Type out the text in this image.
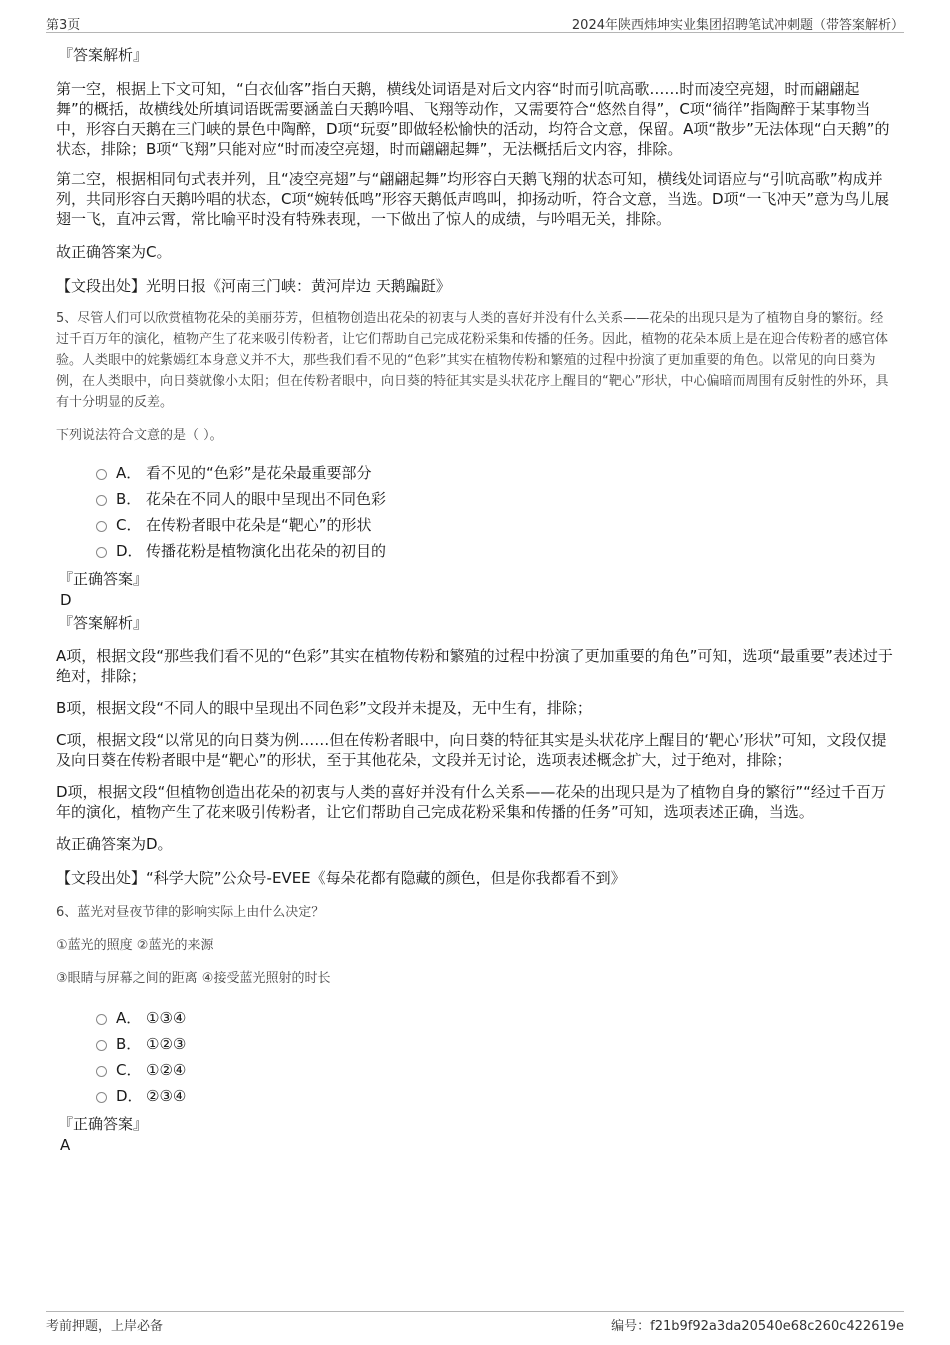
第3页	2024年陕西炜坤实业集团招聘笔试冲刺题（带答案解析）
『答案解析』

第一空，根据上下文可知，“白衣仙客”指白天鹅，横线处词语是对后文内容“时而引吭高歌……时而凌空亮翅，时而翩翩起舞”的概括，故横线处所填词语既需要涵盖白天鹅吟唱、飞翔等动作，又需要符合“悠然自得”，C项“徜徉”指陶醉于某事物当中，形容白天鹅在三门峡的景色中陶醉，D项“玩耍”即做轻松愉快的活动，均符合文意，保留。A项“散步”无法体现“白天鹅”的状态，排除；B项“飞翔”只能对应“时而凌空亮翅，时而翩翩起舞”，无法概括后文内容，排除。

第二空，根据相同句式表并列，且“凌空亮翅”与“翩翩起舞”均形容白天鹅飞翔的状态可知，横线处词语应与“引吭高歌”构成并列，共同形容白天鹅吟唱的状态，C项“婉转低鸣”形容天鹅低声鸣叫，抑扬动听，符合文意，当选。D项“一飞冲天”意为鸟儿展翅一飞，直冲云霄，常比喻平时没有特殊表现，一下做出了惊人的成绩，与吟唱无关，排除。

故正确答案为C。

【文段出处】光明日报《河南三门峡：黄河岸边 天鹅蹁跹》

5、尽管人们可以欣赏植物花朵的美丽芬芳，但植物创造出花朵的初衷与人类的喜好并没有什么关系——花朵的出现只是为了植物自身的繁衍。经过千百万年的演化，植物产生了花来吸引传粉者，让它们帮助自己完成花粉采集和传播的任务。因此，植物的花朵本质上是在迎合传粉者的感官体验。人类眼中的姹紫嫣红本身意义并不大，那些我们看不见的“色彩”其实在植物传粉和繁殖的过程中扮演了更加重要的角色。以常见的向日葵为例，在人类眼中，向日葵就像小太阳；但在传粉者眼中，向日葵的特征其实是头状花序上醒目的“靶心”形状，中心偏暗而周围有反射性的外环，具有十分明显的反差。

下列说法符合文意的是（ ）。

A． 看不见的“色彩”是花朵最重要部分
B． 花朵在不同人的眼中呈现出不同色彩
C． 在传粉者眼中花朵是“靶心”的形状
D． 传播花粉是植物演化出花朵的初目的
『正确答案』
D
『答案解析』

A项，根据文段“那些我们看不见的“色彩”其实在植物传粉和繁殖的过程中扮演了更加重要的角色”可知，选项“最重要”表述过于绝对，排除；

B项，根据文段“不同人的眼中呈现出不同色彩”文段并未提及，无中生有，排除；

C项，根据文段“以常见的向日葵为例……但在传粉者眼中，向日葵的特征其实是头状花序上醒目的‘靶心’形状”可知，文段仅提及向日葵在传粉者眼中是“靶心”的形状，至于其他花朵，文段并无讨论，选项表述概念扩大，过于绝对，排除；

D项，根据文段“但植物创造出花朵的初衷与人类的喜好并没有什么关系——花朵的出现只是为了植物自身的繁衍”“经过千百万年的演化，植物产生了花来吸引传粉者，让它们帮助自己完成花粉采集和传播的任务”可知，选项表述正确，当选。

故正确答案为D。

【文段出处】“科学大院”公众号-EVEE《每朵花都有隐藏的颜色，但是你我都看不到》

6、蓝光对昼夜节律的影响实际上由什么决定？

①蓝光的照度 ②蓝光的来源

③眼睛与屏幕之间的距离 ④接受蓝光照射的时长

A． ①③④
B． ①②③
C． ①②④
D． ②③④
『正确答案』
A
考前押题，上岸必备	编号：f21b9f92a3da20540e68c260c422619e
